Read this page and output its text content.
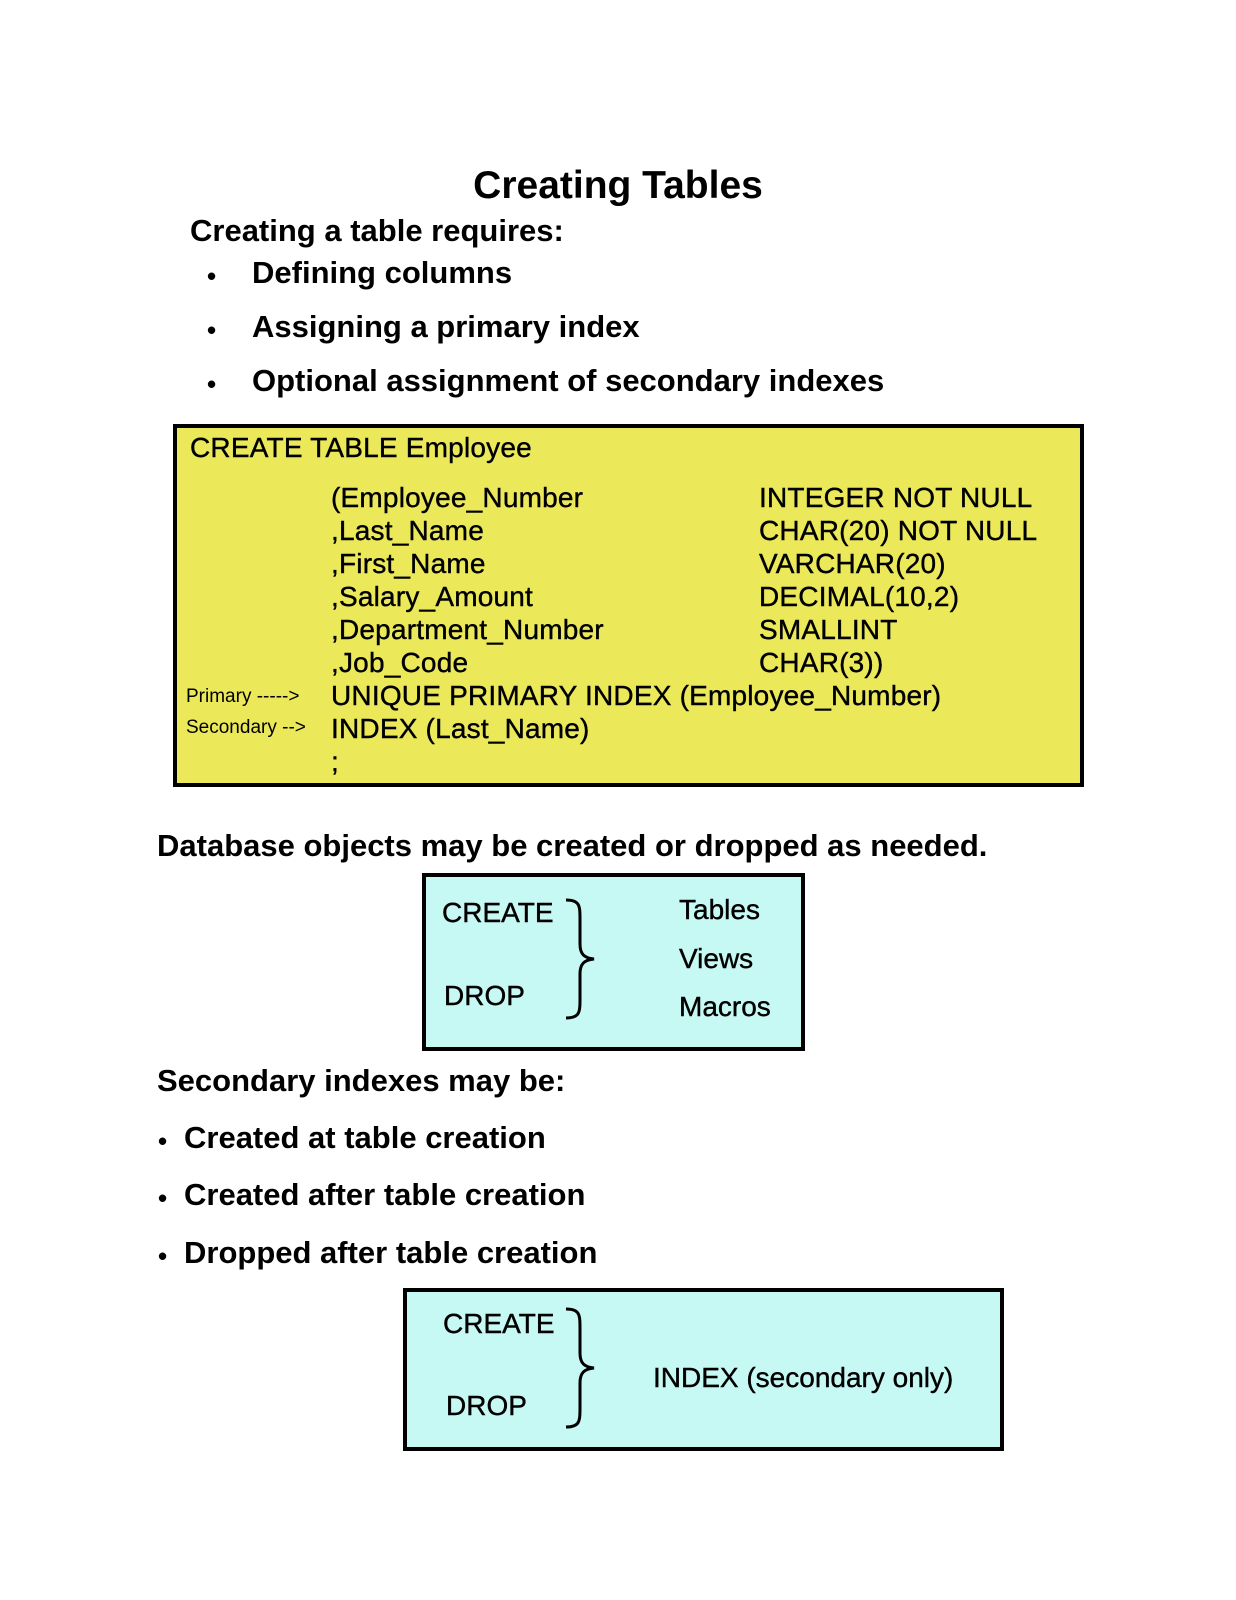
Creating Tables
Creating a table requires:
• Defining columns
• Assigning a primary index
• Optional assignment of secondary indexes
CREATE TABLE Employee
(Employee_Number	INTEGER NOT NULL
,Last_Name	CHAR(20) NOT NULL
,First_Name	VARCHAR(20)
,Salary_Amount	DECIMAL(10,2)
,Department_Number	SMALLINT
,Job_Code	CHAR(3))
Primary -----> UNIQUE PRIMARY INDEX (Employee_Number)
Secondary --> INDEX (Last_Name)
;
Database objects may be created or dropped as needed.
CREATE
DROP
Tables
Views
Macros
Secondary indexes may be:
• Created at table creation
• Created after table creation
• Dropped after table creation
CREATE
DROP
INDEX (secondary only)
